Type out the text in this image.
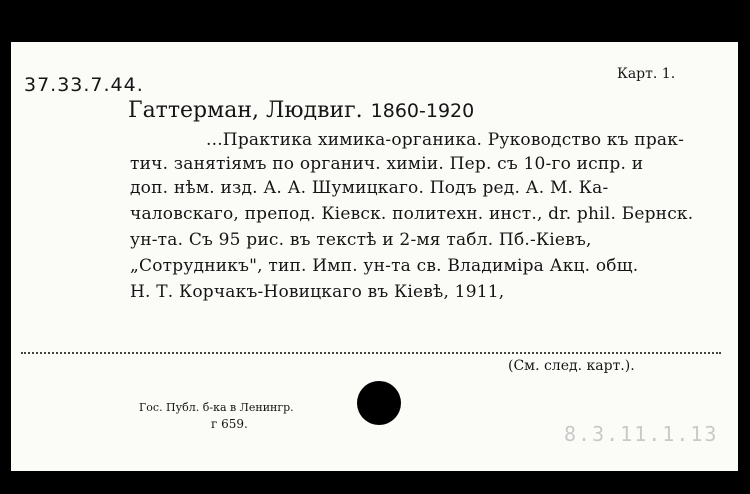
37.33.7.44.	Карт. 1.
Гаттерман, Людвиг. 1860-1920
...Практика химика-органика. Руководство къ прак-
тич. занятiямъ по органич. химiи. Пер. съ 10-го испр. и
доп. нѣм. изд. А. А. Шумицкаго. Подъ ред. А. М. Ка-
чаловскаго, препод. Кiевск. политехн. инст., dr. phil. Бернск.
ун-та. Съ 95 рис. въ текстѣ и 2-мя табл. Пб.-Кiевъ,
„Сотрудникъ", тип. Имп. ун-та св. Владимiра Акц. общ.
Н. Т. Корчакъ-Новицкаго въ Кiевѣ, 1911,
(См. след. карт.).
Гос. Публ. б-ка в Ленингр.
г 659.	8.3.11.1.13
